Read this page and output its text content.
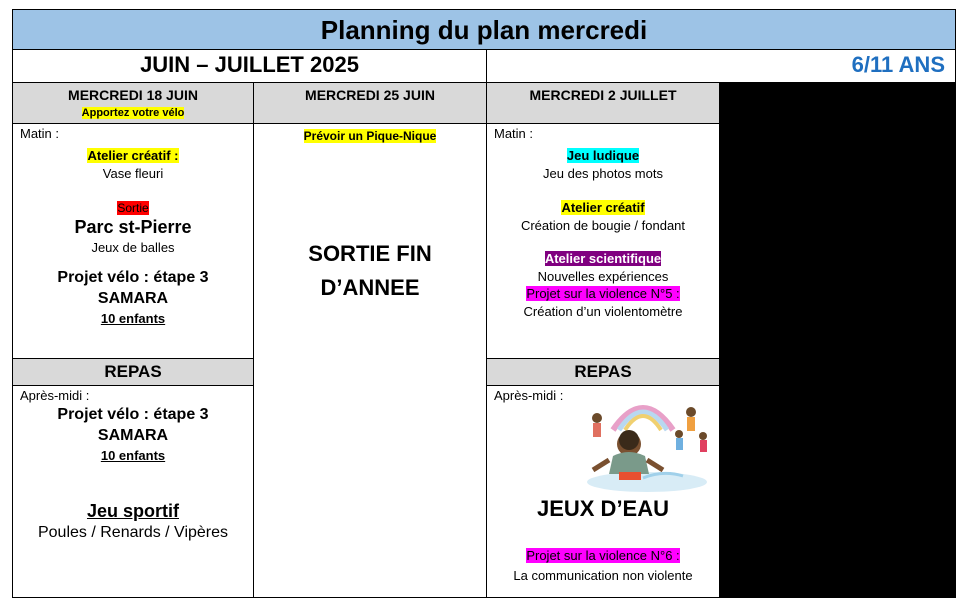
Planning du plan mercredi
JUIN – JUILLET 2025	6/11 ANS
MERCREDI 18 JUIN
Apportez votre vélo
MERCREDI 25 JUIN	MERCREDI 2 JUILLET
Matin :
Atelier créatif :
Vase fleuri
Sortie
Parc st-Pierre
Jeux de balles
Projet vélo : étape 3
SAMARA
10 enfants
REPAS
Après-midi :
Projet vélo : étape 3
SAMARA
10 enfants
Jeu sportif
Poules / Renards / Vipères
Prévoir un Pique-Nique
SORTIE FIN
D’ANNEE
Matin :
Jeu ludique
Jeu des photos mots
Atelier créatif
Création de bougie / fondant
Atelier scientifique
Nouvelles expériences
Projet sur la violence N°5 :
Création d’un violentomètre
REPAS
Après-midi :
JEUX D’EAU
Projet sur la violence N°6 :
La communication non violente
